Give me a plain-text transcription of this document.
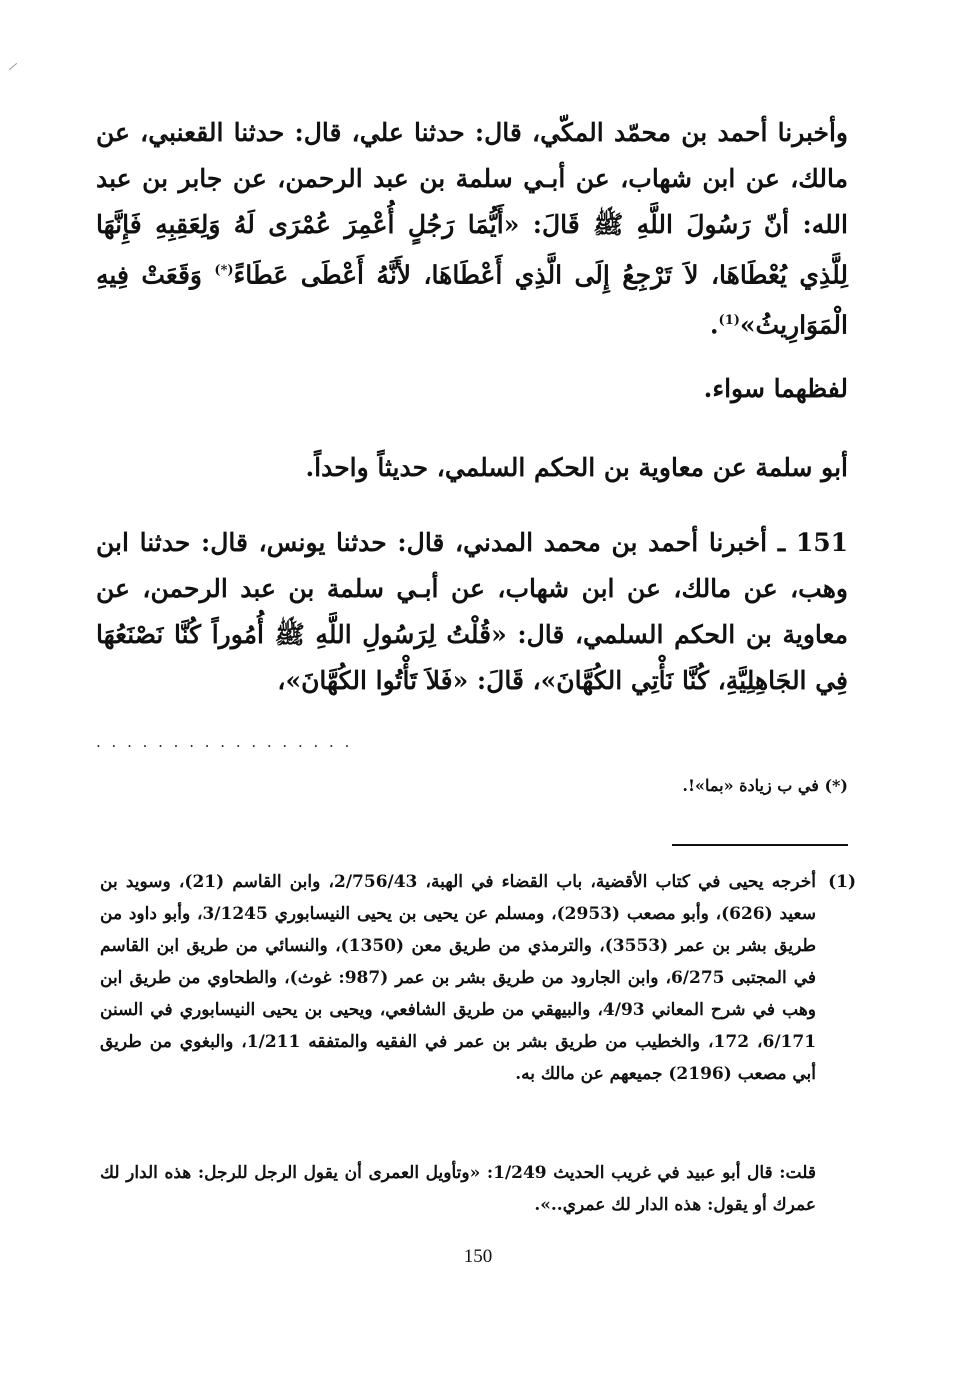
وأخبرنا أحمد بن محمّد المكّي، قال: حدثنا علي، قال: حدثنا القعنبي، عن مالك، عن ابن شهاب، عن أبـي سلمة بن عبد الرحمن، عن جابر بن عبد الله: أنّ رَسُولَ اللَّهِ ﷺ قَالَ: «أَيُّمَا رَجُلٍ أُعْمِرَ عُمْرَى لَهُ وَلِعَقِبِهِ فَإِنَّهَا لِلَّذِي يُعْطَاهَا، لاَ تَرْجِعُ إِلَى الَّذِي أَعْطَاهَا، لأَنَّهُ أَعْطَى عَطَاءً(*) وَقَعَتْ فِيهِ الْمَوَارِيثُ»$^{(1)}$.

لفظهما سواء.

أبو سلمة عن معاوية بن الحكم السلمي، حديثاً واحداً.

151 ـ أخبرنا أحمد بن محمد المدني، قال: حدثنا يونس، قال: حدثنا ابن وهب، عن مالك، عن ابن شهاب، عن أبـي سلمة بن عبد الرحمن، عن معاوية بن الحكم السلمي، قال: «قُلْتُ لِرَسُولِ اللَّهِ ﷺ أُمُوراً كُنَّا نَصْنَعُهَا فِي الجَاهِلِيَّةِ، كُنَّا نَأْتِي الكُهَّانَ»، قَالَ: «فَلاَ تَأْتُوا الكُهَّانَ»،

· · · · · · · · · · · · · · · · ·

(*) في ب زيادة «بما»!.

(1)
أخرجه يحيى في كتاب الأقضية، باب القضاء في الهبة، 2/756/43، وابن القاسم (21)، وسويد بن سعيد (626)، وأبو مصعب (2953)، ومسلم عن يحيى بن يحيى النيسابوري 3/1245، وأبو داود من طريق بشر بن عمر (3553)، والترمذي من طريق معن (1350)، والنسائي من طريق ابن القاسم في المجتبى 6/275، وابن الجارود من طريق بشر بن عمر (987: غوث)، والطحاوي من طريق ابن وهب في شرح المعاني 4/93، والبيهقي من طريق الشافعي، ويحيى بن يحيى النيسابوري في السنن 6/171، 172، والخطيب من طريق بشر بن عمر في الفقيه والمتفقه 1/211، والبغوي من طريق أبي مصعب (2196) جميعهم عن مالك به.
قلت: قال أبو عبيد في غريب الحديث 1/249: «وتأويل العمرى أن يقول الرجل للرجل: هذه الدار لك عمرك أو يقول: هذه الدار لك عمري..».
150
